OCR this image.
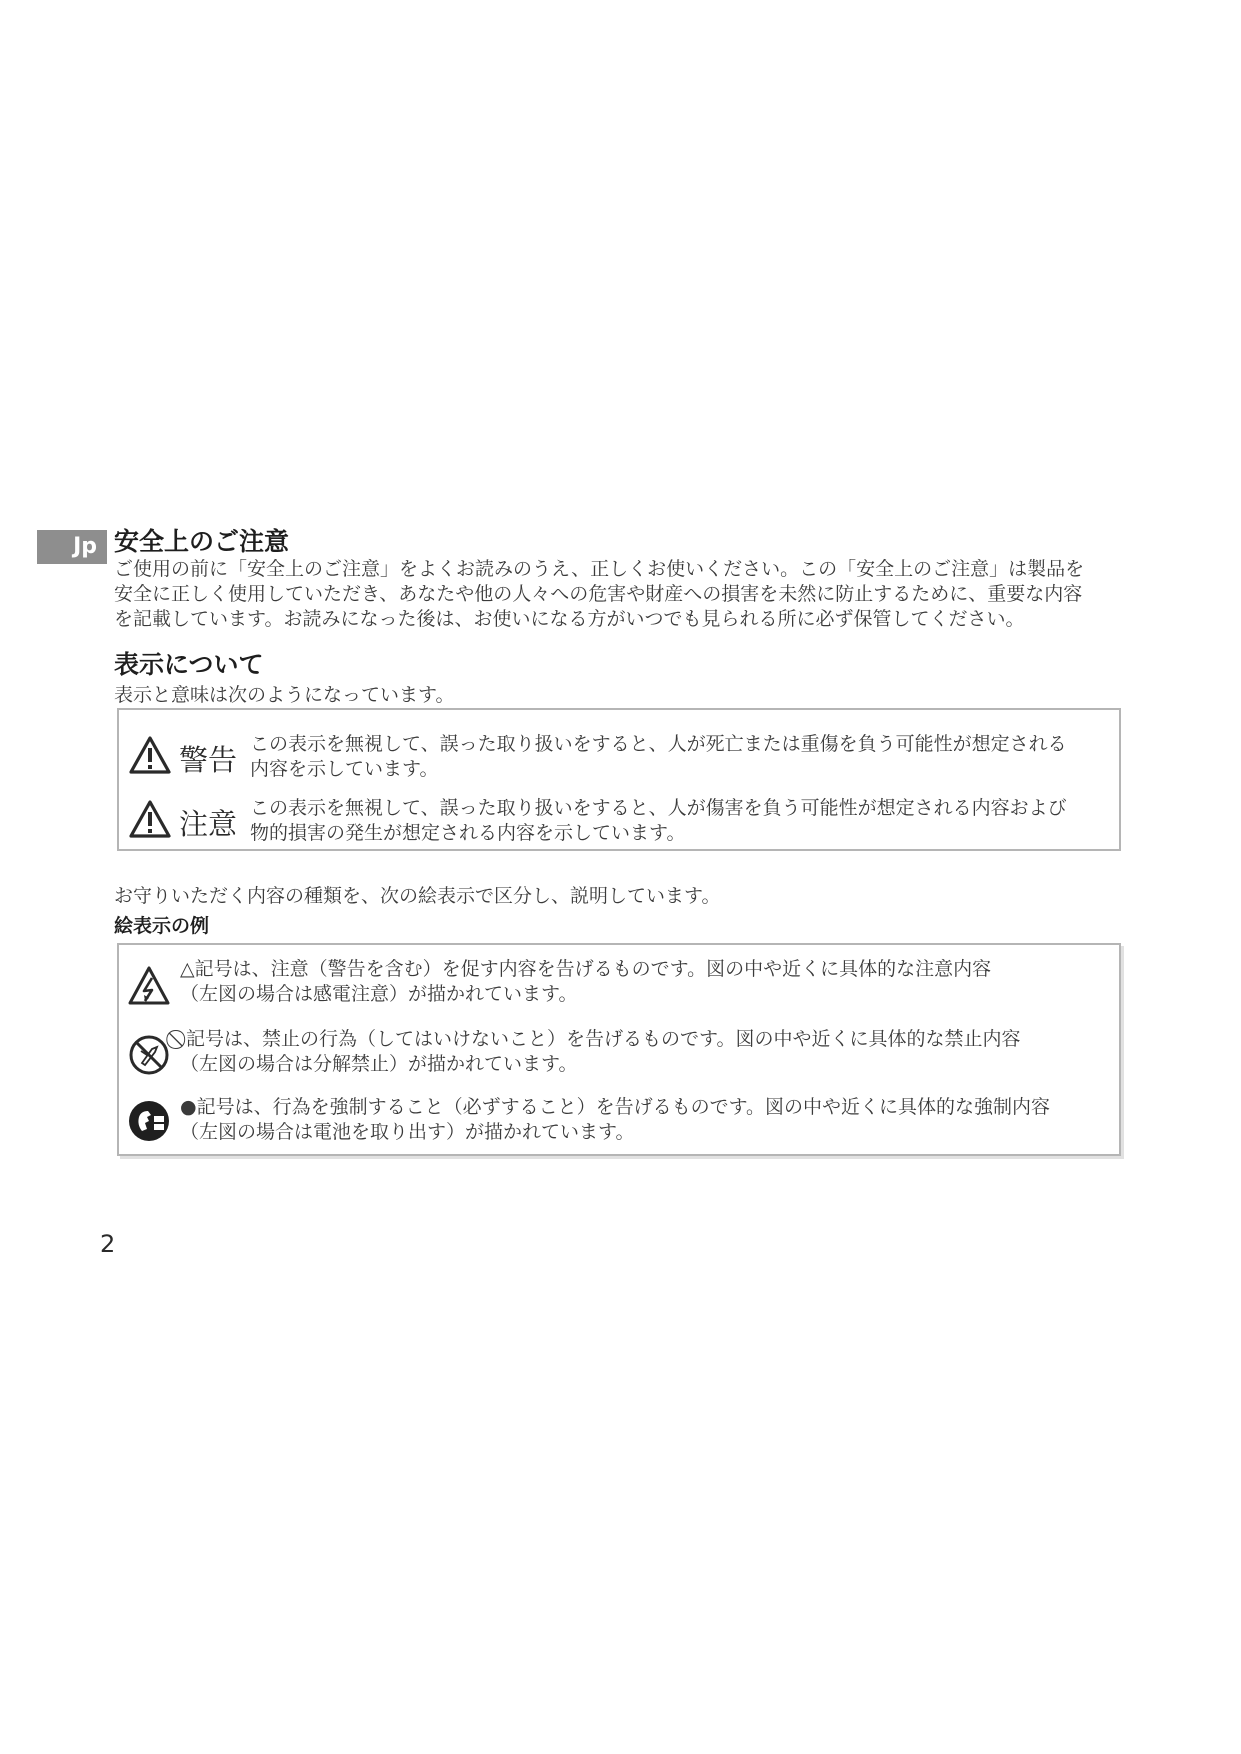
Jp 安全上のご注意

ご使用の前に「安全上のご注意」をよくお読みのうえ、正しくお使いください。この「安全上のご注意」は製品を
安全に正しく使用していただき、あなたや他の人々への危害や財産への損害を未然に防止するために、重要な内容
を記載しています。お読みになった後は、お使いになる方がいつでも見られる所に必ず保管してください。

表示について

表示と意味は次のようになっています。

警告 この表示を無視して、誤った取り扱いをすると、人が死亡または重傷を負う可能性が想定される
内容を示しています。
注意 この表示を無視して、誤った取り扱いをすると、人が傷害を負う可能性が想定される内容および
物的損害の発生が想定される内容を示しています。

お守りいただく内容の種類を、次の絵表示で区分し、説明しています。

絵表示の例
△記号は、注意（警告を含む）を促す内容を告げるものです。図の中や近くに具体的な注意内容
（左図の場合は感電注意）が描かれています。
⃠ 記号は、禁止の行為（してはいけないこと）を告げるものです。図の中や近くに具体的な禁止内容
（左図の場合は分解禁止）が描かれています。
●記号は、行為を強制すること（必ずすること）を告げるものです。図の中や近くに具体的な強制内容
（左図の場合は電池を取り出す）が描かれています。

2
